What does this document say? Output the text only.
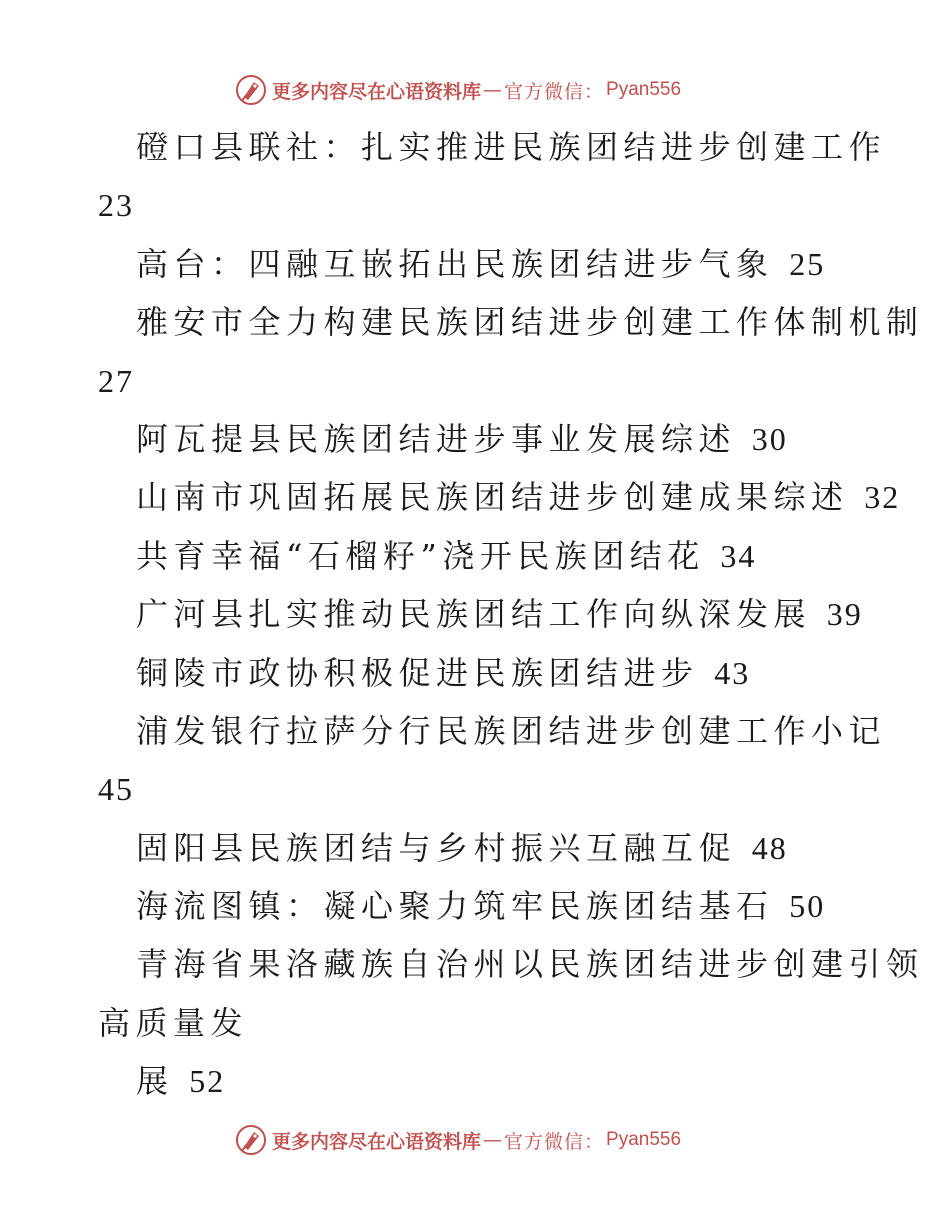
更多内容尽在心语资料库 — 官方微信： Pyan556
磴口县联社：扎实推进民族团结进步创建工作
23
高台：四融互嵌拓出民族团结进步气象 25
雅安市全力构建民族团结进步创建工作体制机制
27
阿瓦提县民族团结进步事业发展综述 30
山南市巩固拓展民族团结进步创建成果综述 32
共育幸福“石榴籽”浇开民族团结花 34
广河县扎实推动民族团结工作向纵深发展 39
铜陵市政协积极促进民族团结进步 43
浦发银行拉萨分行民族团结进步创建工作小记
45
固阳县民族团结与乡村振兴互融互促 48
海流图镇：凝心聚力筑牢民族团结基石 50
青海省果洛藏族自治州以民族团结进步创建引领
高质量发
展 52
更多内容尽在心语资料库 — 官方微信： Pyan556
